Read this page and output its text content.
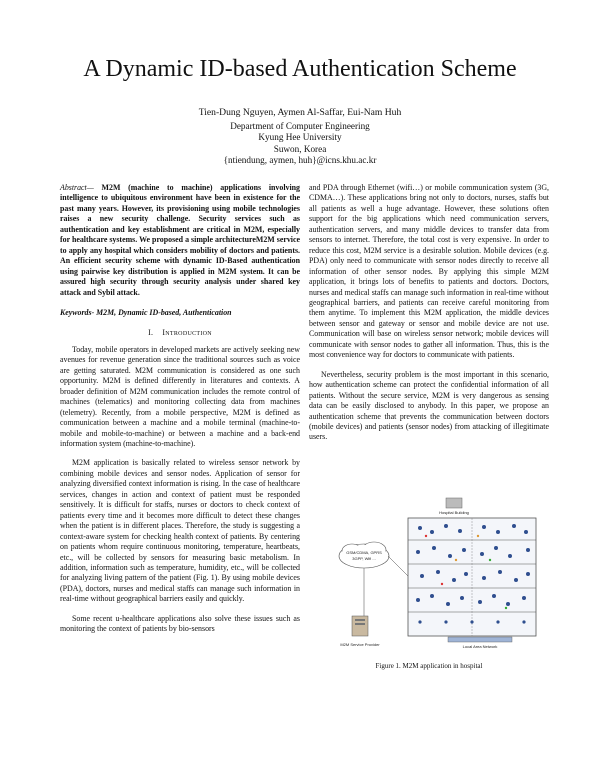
A Dynamic ID-based Authentication Scheme
Tien-Dung Nguyen, Aymen Al-Saffar, Eui-Nam Huh
Department of Computer Engineering
Kyung Hee University
Suwon, Korea
{ntiendung, aymen, huh}@icns.khu.ac.kr

Abstract— M2M (machine to machine) applications involving intelligence to ubiquitous environment have been in existence for the past many years. However, its provisioning using mobile technologies raises a new security challenge. Security services such as authentication and key establishment are critical in M2M, especially for healthcare systems. We proposed a simple architectureM2M service to apply any hospital which considers mobility of doctors and patients. An efficient security scheme with dynamic ID-Based authentication using pairwise key distribution is applied in M2M system. It can be assured high security through security analysis under shared key attack and Sybil attack.

Keywords- M2M, Dynamic ID-based, Authentication

I. Introduction

Today, mobile operators in developed markets are actively seeking new avenues for revenue generation since the traditional sources such as voice are getting saturated. M2M communication is considered as one such opportunity. M2M is defined differently in literatures and contexts. A broader definition of M2M communication includes the remote control of machines (telematics) and monitoring collecting data from machines (telemetry). Recently, from a mobile perspective, M2M is defined as communication between a machine and a mobile terminal (machine-to-mobile and mobile-to-machine) or between a machine and a back-end information system (machine-to-machine).

M2M application is basically related to wireless sensor network by combining mobile devices and sensor nodes. Application of sensor for analyzing diversified context information is rising. In the case of healthcare services, changes in action and context of patient must be responded sensitively. It is difficult for staffs, nurses or doctors to check context of patients every time and it becomes more difficult to detect these changes when the patient is in different places. Therefore, the study is suggesting a context-aware system for checking health context of patients. By centering on patients whom require continuous monitoring, temperature, heartbeats, etc., will be collected by sensors for measuring basic metabolism. In addition, information such as temperature, humidity, etc., will be collected for analyzing living pattern of the patient (Fig. 1). By using mobile devices (PDA), doctors, nurses and medical staffs can manage such information in real-time without geographical barriers easily and quickly.

Some recent u-healthcare applications also solve these issues such as monitoring the context of patients by bio-sensors

and PDA through Ethernet (wifi…) or mobile communication system (3G, CDMA…). These applications bring not only to doctors, nurses, staffs but all patients as well a huge advantage. However, these solutions often support for the big applications which need communication servers, authentication servers, and many middle devices to transfer data from sensors to internet. Therefore, the total cost is very expensive. In order to reduce this cost, M2M service is a desirable solution. Mobile devices (e.g. PDA) only need to communicate with sensor nodes directly to receive all information of other sensor nodes. By applying this simple M2M application, it brings lots of benefits to patients and doctors. Doctors, nurses and medical staffs can manage such information in real-time without geographical barriers, and patients can receive careful monitoring from them anytime. To implement this M2M application, the middle devices between sensor and gateway or sensor and mobile device are not use. Communication will base on wireless sensor network; mobile devices will communicate with sensor nodes to gather all information. Thus, this is the most convenience way for doctors to communicate with patients.

Nevertheless, security problem is the most important in this scenario, how authentication scheme can protect the confidential information of all patients. Without the secure service, M2M is very dangerous as sensing data can be easily disclosed to anybody. In this paper, we propose an authentication scheme that prevents the communication between doctors (mobile devices) and patients (sensor nodes) from attacking of illegitimate users.

Hospital Building
Local Area Network
GSM/CDMA, GPRS
3GPP, Wifi ...
M2M Service Provider
Figure 1. M2M application in hospital
